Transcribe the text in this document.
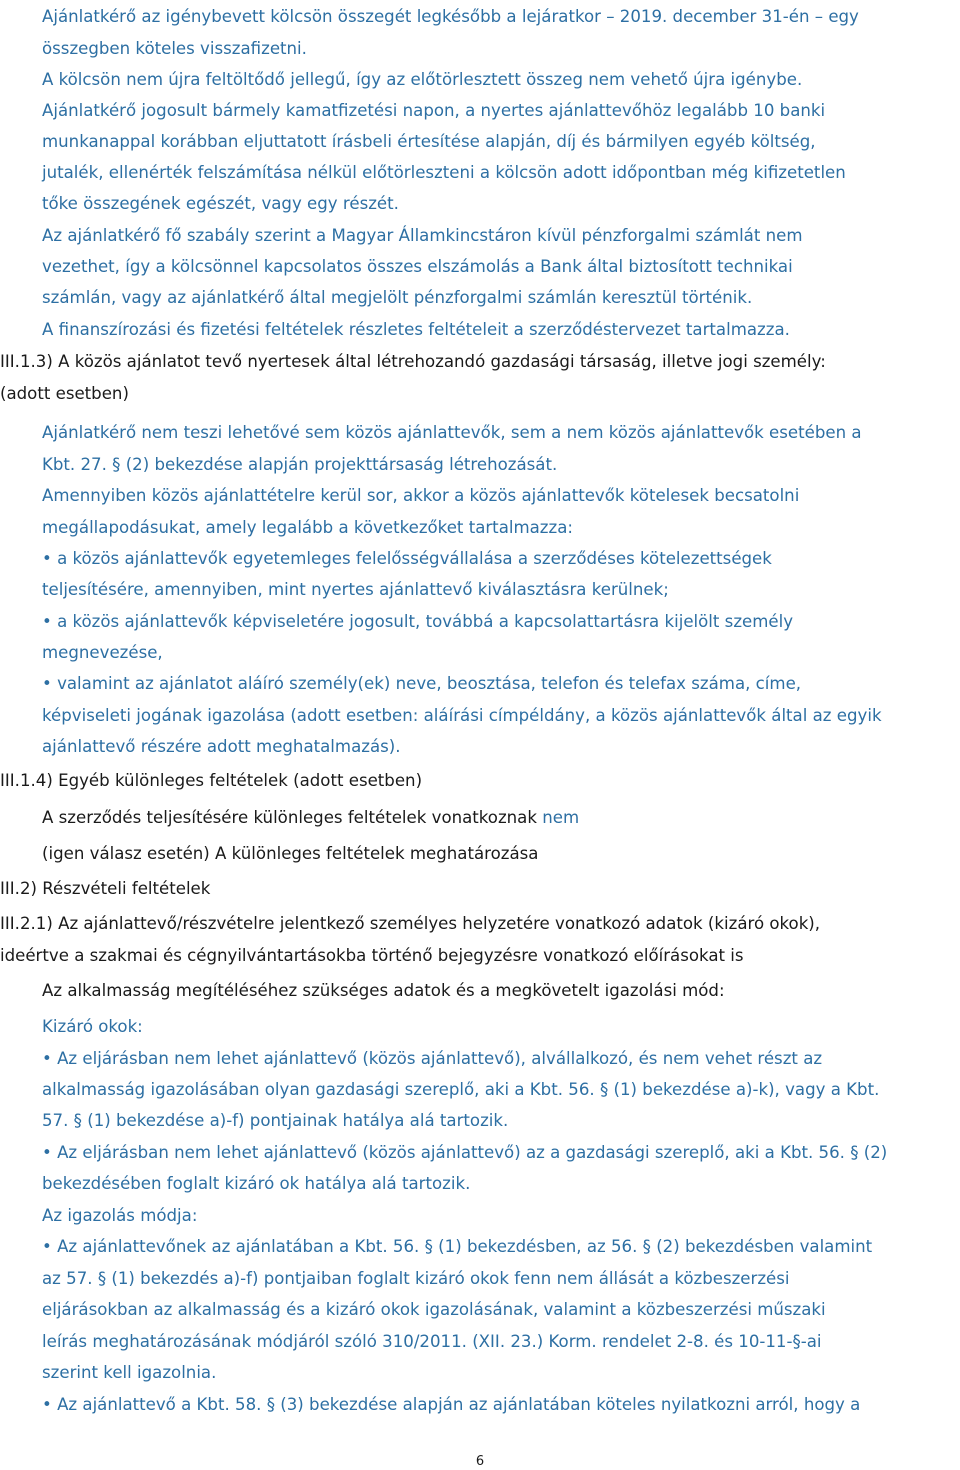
Ajánlatkérő az igénybevett kölcsön összegét legkésőbb a lejáratkor – 2019. december 31-én – egy
összegben köteles visszafizetni.
A kölcsön nem újra feltöltődő jellegű, így az előtörlesztett összeg nem vehető újra igénybe.
Ajánlatkérő jogosult bármely kamatfizetési napon, a nyertes ajánlattevőhöz legalább 10 banki
munkanappal korábban eljuttatott írásbeli értesítése alapján, díj és bármilyen egyéb költség,
jutalék, ellenérték felszámítása nélkül előtörleszteni a kölcsön adott időpontban még kifizetetlen
tőke összegének egészét, vagy egy részét.
Az ajánlatkérő fő szabály szerint a Magyar Államkincstáron kívül pénzforgalmi számlát nem
vezethet, így a kölcsönnel kapcsolatos összes elszámolás a Bank által biztosított technikai
számlán, vagy az ajánlatkérő által megjelölt pénzforgalmi számlán keresztül történik.
A finanszírozási és fizetési feltételek részletes feltételeit a szerződéstervezet tartalmazza.
III.1.3) A közös ajánlatot tevő nyertesek által létrehozandó gazdasági társaság, illetve jogi személy:
(adott esetben)
Ajánlatkérő nem teszi lehetővé sem közös ajánlattevők, sem a nem közös ajánlattevők esetében a
Kbt. 27. § (2) bekezdése alapján projekttársaság létrehozását.
Amennyiben közös ajánlattételre kerül sor, akkor a közös ajánlattevők kötelesek becsatolni
megállapodásukat, amely legalább a következőket tartalmazza:
• a közös ajánlattevők egyetemleges felelősségvállalása a szerződéses kötelezettségek
teljesítésére, amennyiben, mint nyertes ajánlattevő kiválasztásra kerülnek;
• a közös ajánlattevők képviseletére jogosult, továbbá a kapcsolattartásra kijelölt személy
megnevezése,
• valamint az ajánlatot aláíró személy(ek) neve, beosztása, telefon és telefax száma, címe,
képviseleti jogának igazolása (adott esetben: aláírási címpéldány, a közös ajánlattevők által az egyik
ajánlattevő részére adott meghatalmazás).
III.1.4) Egyéb különleges feltételek (adott esetben)
A szerződés teljesítésére különleges feltételek vonatkoznak nem
(igen válasz esetén) A különleges feltételek meghatározása
III.2) Részvételi feltételek
III.2.1) Az ajánlattevő/részvételre jelentkező személyes helyzetére vonatkozó adatok (kizáró okok),
ideértve a szakmai és cégnyilvántartásokba történő bejegyzésre vonatkozó előírásokat is
Az alkalmasság megítéléséhez szükséges adatok és a megkövetelt igazolási mód:
Kizáró okok:
• Az eljárásban nem lehet ajánlattevő (közös ajánlattevő), alvállalkozó, és nem vehet részt az
alkalmasság igazolásában olyan gazdasági szereplő, aki a Kbt. 56. § (1) bekezdése a)-k), vagy a Kbt.
57. § (1) bekezdése a)-f) pontjainak hatálya alá tartozik.
• Az eljárásban nem lehet ajánlattevő (közös ajánlattevő) az a gazdasági szereplő, aki a Kbt. 56. § (2)
bekezdésében foglalt kizáró ok hatálya alá tartozik.
Az igazolás módja:
• Az ajánlattevőnek az ajánlatában a Kbt. 56. § (1) bekezdésben, az 56. § (2) bekezdésben valamint
az 57. § (1) bekezdés a)-f) pontjaiban foglalt kizáró okok fenn nem állását a közbeszerzési
eljárásokban az alkalmasság és a kizáró okok igazolásának, valamint a közbeszerzési műszaki
leírás meghatározásának módjáról szóló 310/2011. (XII. 23.) Korm. rendelet 2-8. és 10-11-§-ai
szerint kell igazolnia.
• Az ajánlattevő a Kbt. 58. § (3) bekezdése alapján az ajánlatában köteles nyilatkozni arról, hogy a
6
